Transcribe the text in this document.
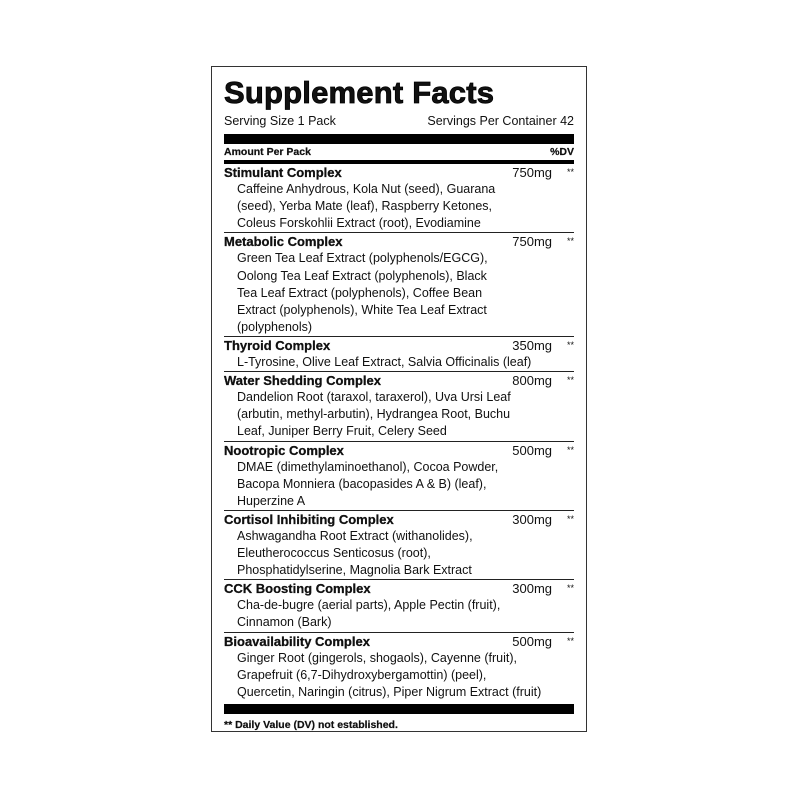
Supplement Facts
Serving Size 1 Pack	Servings Per Container 42
Amount Per Pack	%DV
Stimulant Complex	750mg	**
Caffeine Anhydrous, Kola Nut (seed), Guarana
(seed), Yerba Mate (leaf), Raspberry Ketones,
Coleus Forskohlii Extract (root), Evodiamine
Metabolic Complex	750mg	**
Green Tea Leaf Extract (polyphenols/EGCG),
Oolong Tea Leaf Extract (polyphenols), Black
Tea Leaf Extract (polyphenols), Coffee Bean
Extract (polyphenols), White Tea Leaf Extract
(polyphenols)
Thyroid Complex	350mg	**
L-Tyrosine, Olive Leaf Extract, Salvia Officinalis (leaf)
Water Shedding Complex	800mg	**
Dandelion Root (taraxol, taraxerol), Uva Ursi Leaf
(arbutin, methyl-arbutin), Hydrangea Root, Buchu
Leaf, Juniper Berry Fruit, Celery Seed
Nootropic Complex	500mg	**
DMAE (dimethylaminoethanol), Cocoa Powder,
Bacopa Monniera (bacopasides A & B) (leaf),
Huperzine A
Cortisol Inhibiting Complex	300mg	**
Ashwagandha Root Extract (withanolides),
Eleutherococcus Senticosus (root),
Phosphatidylserine, Magnolia Bark Extract
CCK Boosting Complex	300mg	**
Cha-de-bugre (aerial parts), Apple Pectin (fruit),
Cinnamon (Bark)
Bioavailability Complex	500mg	**
Ginger Root (gingerols, shogaols), Cayenne (fruit),
Grapefruit (6,7-Dihydroxybergamottin) (peel),
Quercetin, Naringin (citrus), Piper Nigrum Extract (fruit)
** Daily Value (DV) not established.
